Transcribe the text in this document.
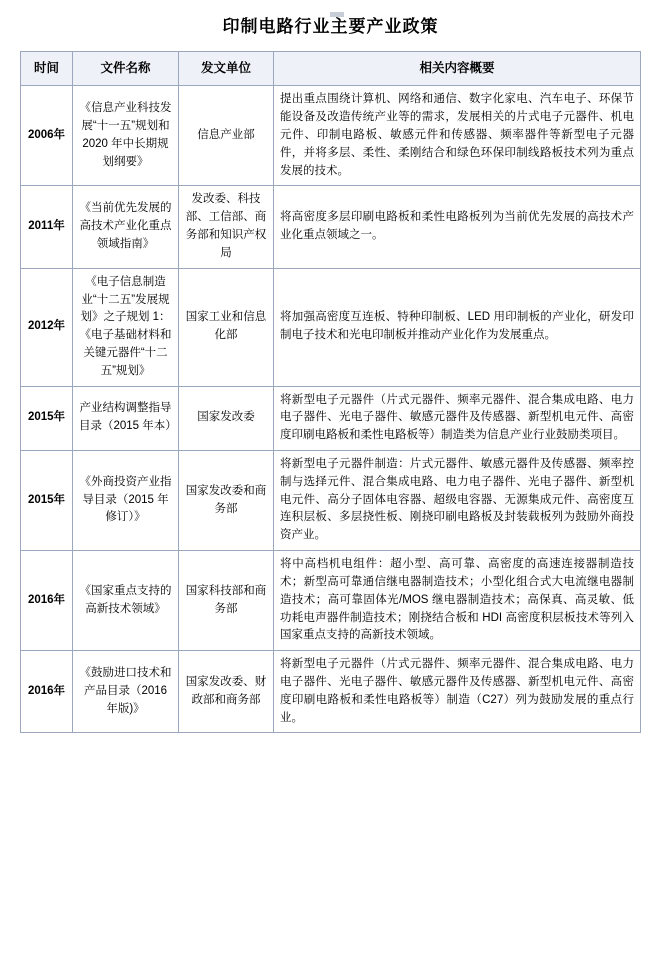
印制电路行业主要产业政策
时间	文件名称	发文单位	相关内容概要
2006年	《信息产业科技发展“十一五”规划和 2020 年中长期规划纲要》	信息产业部	提出重点围绕计算机、网络和通信、数字化家电、汽车电子、环保节能设备及改造传统产业等的需求，发展相关的片式电子元器件、机电元件、印制电路板、敏感元件和传感器、频率器件等新型电子元器件，并将多层、柔性、柔刚结合和绿色环保印制线路板技术列为重点发展的技术。
2011年	《当前优先发展的高技术产业化重点领域指南》	发改委、科技部、工信部、商务部和知识产权局	将高密度多层印刷电路板和柔性电路板列为当前优先发展的高技术产业化重点领域之一。
2012年	《电子信息制造业“十二五”发展规划》之子规划 1：《电子基础材料和关键元器件“十二五”规划》	国家工业和信息化部	将加强高密度互连板、特种印制板、LED 用印制板的产业化，研发印制电子技术和光电印制板并推动产业化作为发展重点。
2015年	产业结构调整指导目录（2015 年本）	国家发改委	将新型电子元器件（片式元器件、频率元器件、混合集成电路、电力电子器件、光电子器件、敏感元器件及传感器、新型机电元件、高密度印刷电路板和柔性电路板等）制造类为信息产业行业鼓励类项目。
2015年	《外商投资产业指导目录（2015 年修订）》	国家发改委和商务部	将新型电子元器件制造：片式元器件、敏感元器件及传感器、频率控制与选择元件、混合集成电路、电力电子器件、光电子器件、新型机电元件、高分子固体电容器、超级电容器、无源集成元件、高密度互连积层板、多层挠性板、刚挠印刷电路板及封装载板列为鼓励外商投资产业。
2016年	《国家重点支持的高新技术领域》	国家科技部和商务部	将中高档机电组件：超小型、高可靠、高密度的高速连接器制造技术；新型高可靠通信继电器制造技术；小型化组合式大电流继电器制造技术；高可靠固体光/MOS 继电器制造技术；高保真、高灵敏、低功耗电声器件制造技术；刚挠结合板和 HDI 高密度积层板技术等列入国家重点支持的高新技术领域。
2016年	《鼓励进口技术和产品目录（2016 年版)》	国家发改委、财政部和商务部	将新型电子元器件（片式元器件、频率元器件、混合集成电路、电力电子器件、光电子器件、敏感元器件及传感器、新型机电元件、高密度印刷电路板和柔性电路板等）制造（C27）列为鼓励发展的重点行业。
